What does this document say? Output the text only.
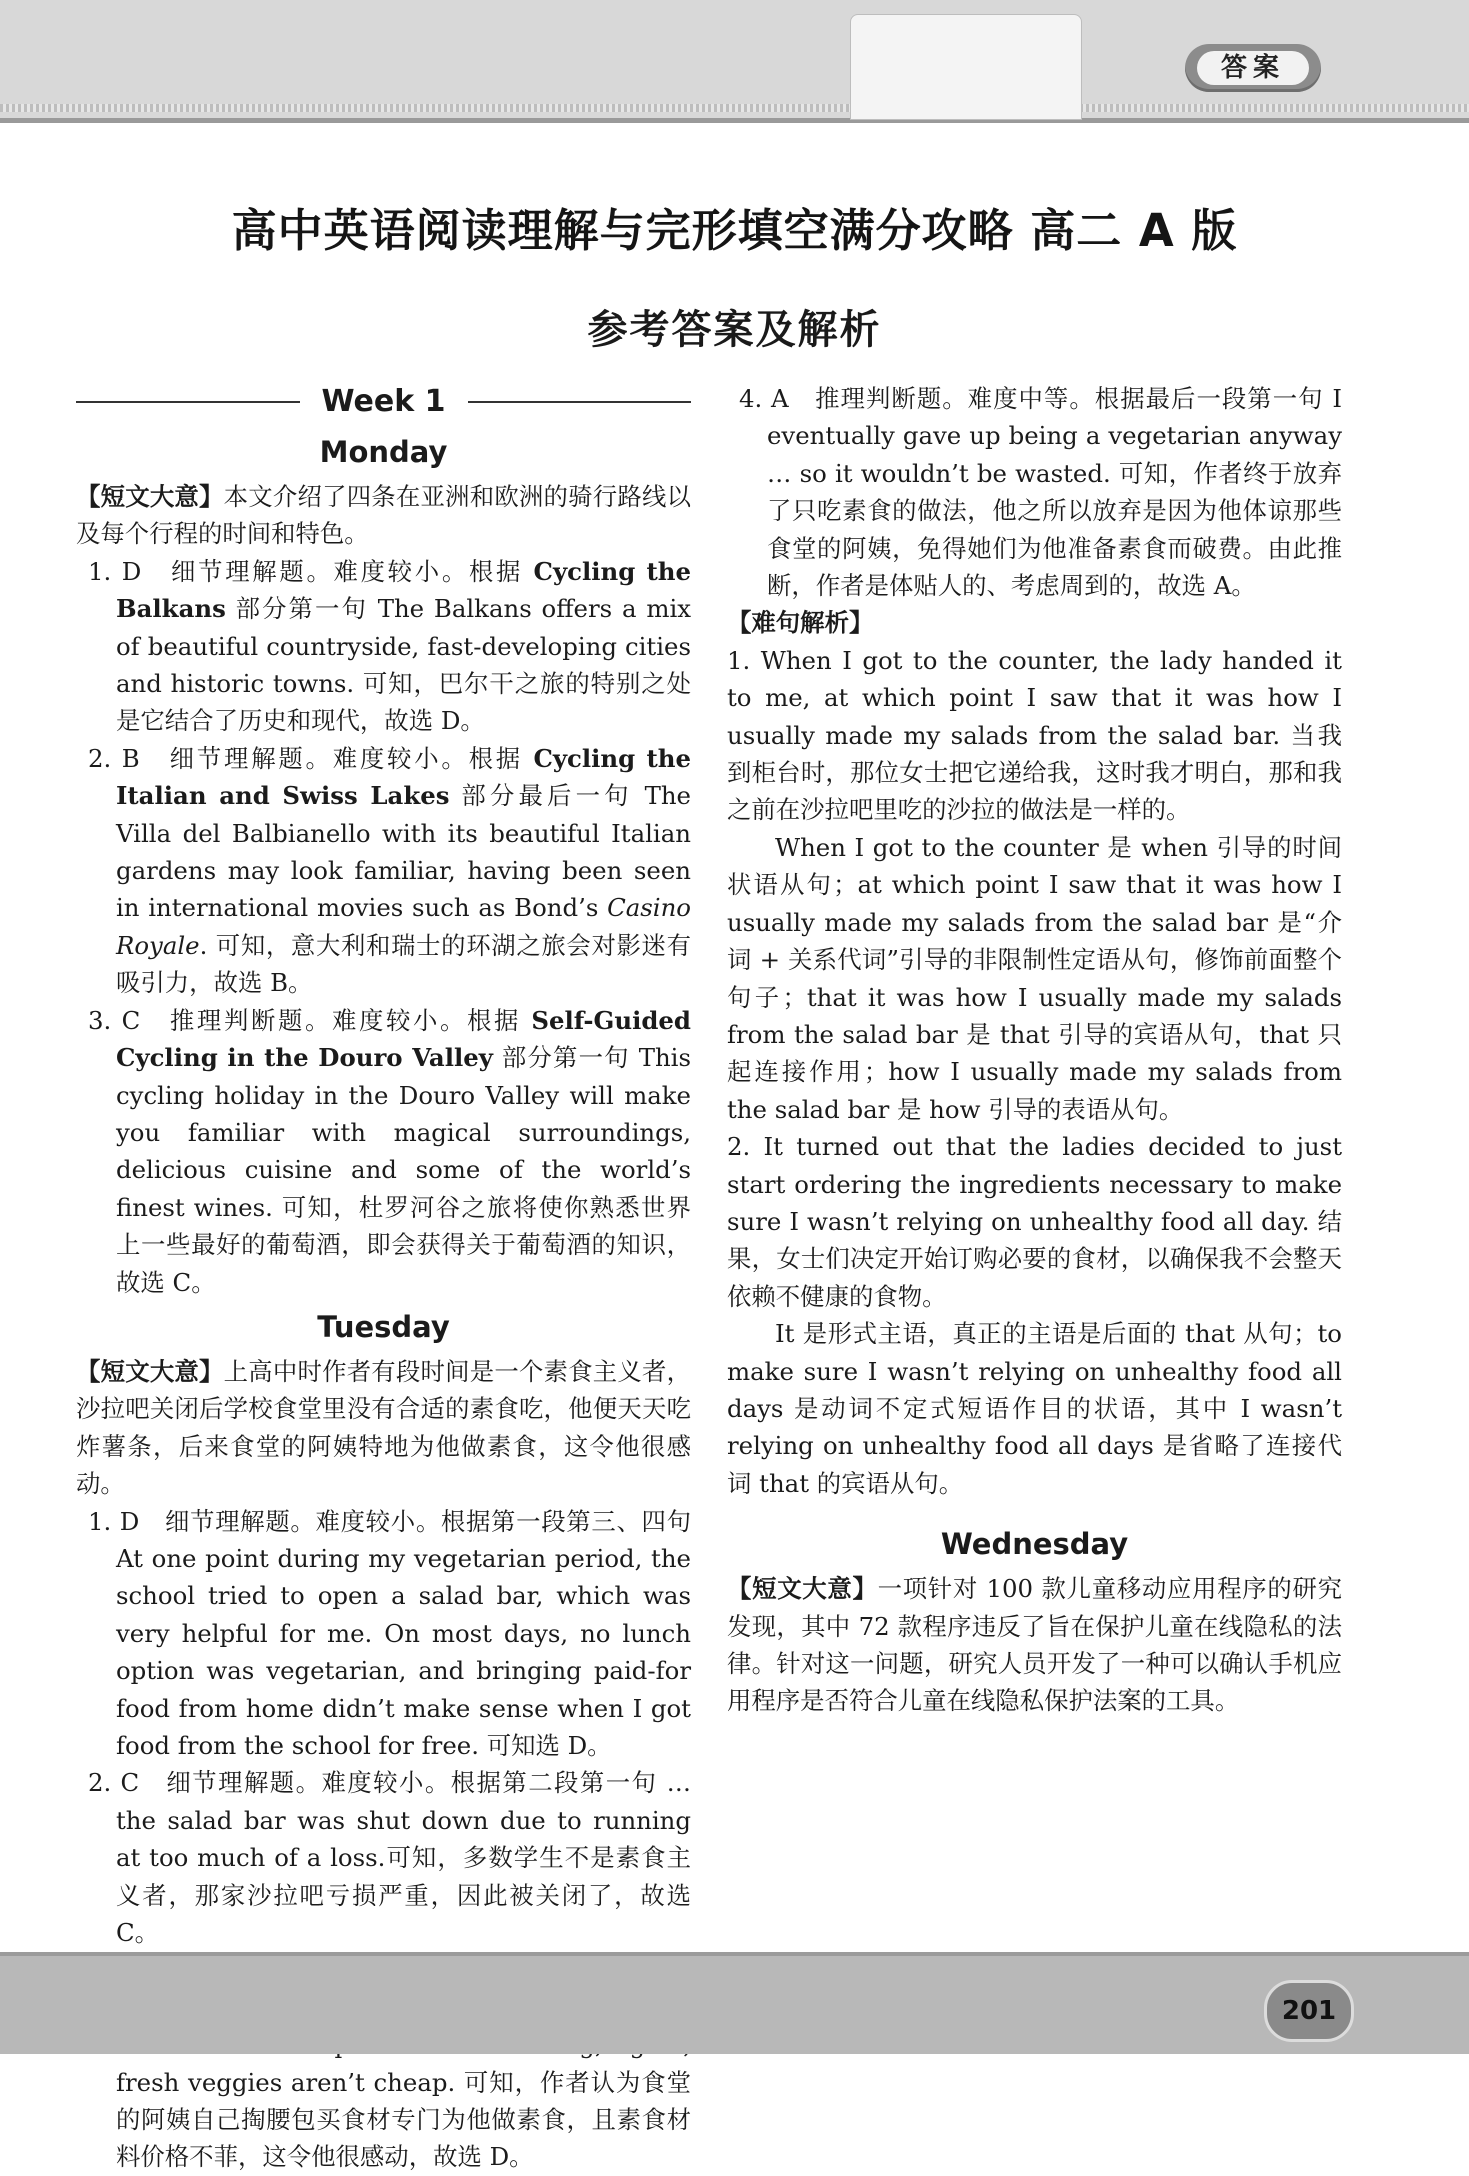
答案
高中英语阅读理解与完形填空满分攻略 高二 A 版
参考答案及解析
Week 1
Monday

【短文大意】本文介绍了四条在亚洲和欧洲的骑行路线以及每个行程的时间和特色。

1. D　细节理解题。难度较小。根据 Cycling the Balkans 部分第一句 The Balkans offers a mix of beautiful countryside, fast-developing cities and historic towns. 可知，巴尔干之旅的特别之处是它结合了历史和现代，故选 D。

2. B　细节理解题。难度较小。根据 Cycling the Italian and Swiss Lakes 部分最后一句 The Villa del Balbianello with its beautiful Italian gardens may look familiar, having been seen in international movies such as Bond’s Casino Royale. 可知，意大利和瑞士的环湖之旅会对影迷有吸引力，故选 B。

3. C　推理判断题。难度较小。根据 Self-Guided Cycling in the Douro Valley 部分第一句 This cycling holiday in the Douro Valley will make you familiar with magical surroundings, delicious cuisine and some of the world’s finest wines. 可知，杜罗河谷之旅将使你熟悉世界上一些最好的葡萄酒，即会获得关于葡萄酒的知识，故选 C。

Tuesday

【短文大意】上高中时作者有段时间是一个素食主义者，沙拉吧关闭后学校食堂里没有合适的素食吃，他便天天吃炸薯条，后来食堂的阿姨特地为他做素食，这令他很感动。

1. D　细节理解题。难度较小。根据第一段第三、四句 At one point during my vegetarian period, the school tried to open a salad bar, which was very helpful for me. On most days, no lunch option was vegetarian, and bringing paid-for food from home didn’t make sense when I got food from the school for free. 可知选 D。

2. C　细节理解题。难度较小。根据第二段第一句 … the salad bar was shut down due to running at too much of a loss.可知，多数学生不是素食主义者，那家沙拉吧亏损严重，因此被关闭了，故选 C。

　 fresh veggies aren’t cheap. 可知，作者认为食堂的阿姨自己掏腰包买食材专门为他做素食，且素食材料价格不菲，这令他很感动，故选 D。

4. A　推理判断题。难度中等。根据最后一段第一句 I eventually gave up being a vegetarian anyway … so it wouldn’t be wasted. 可知，作者终于放弃了只吃素食的做法，他之所以放弃是因为他体谅那些食堂的阿姨，免得她们为他准备素食而破费。由此推断，作者是体贴人的、考虑周到的，故选 A。

【难句解析】

1. When I got to the counter, the lady handed it to me, at which point I saw that it was how I usually made my salads from the salad bar. 当我到柜台时，那位女士把它递给我，这时我才明白，那和我之前在沙拉吧里吃的沙拉的做法是一样的。

When I got to the counter 是 when 引导的时间状语从句；at which point I saw that it was how I usually made my salads from the salad bar 是“介词 + 关系代词”引导的非限制性定语从句，修饰前面整个句子；that it was how I usually made my salads from the salad bar 是 that 引导的宾语从句，that 只起连接作用；how I usually made my salads from the salad bar 是 how 引导的表语从句。

2. It turned out that the ladies decided to just start ordering the ingredients necessary to make sure I wasn’t relying on unhealthy food all day. 结果，女士们决定开始订购必要的食材，以确保我不会整天依赖不健康的食物。

It 是形式主语，真正的主语是后面的 that 从句；to make sure I wasn’t relying on unhealthy food all days 是动词不定式短语作目的状语，其中 I wasn’t relying on unhealthy food all days 是省略了连接代词 that 的宾语从句。

Wednesday

【短文大意】一项针对 100 款儿童移动应用程序的研究发现，其中 72 款程序违反了旨在保护儿童在线隐私的法律。针对这一问题，研究人员开发了一种可以确认手机应用程序是否符合儿童在线隐私保护法案的工具。

201
